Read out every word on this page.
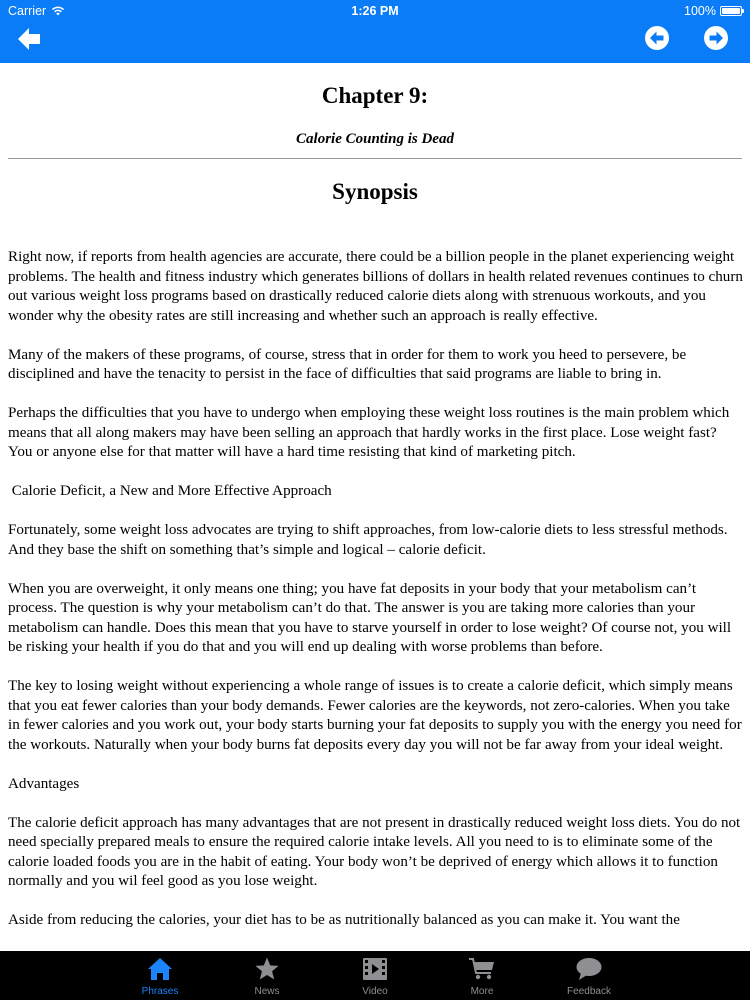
Carrier	1:26 PM	100%
Chapter 9:
Calorie Counting is Dead
Synopsis

Right now, if reports from health agencies are accurate, there could be a billion people in the planet experiencing weight problems. The health and fitness industry which generates billions of dollars in health related revenues continues to churn out various weight loss programs based on drastically reduced calorie diets along with strenuous workouts, and you wonder why the obesity rates are still increasing and whether such an approach is really effective.

Many of the makers of these programs, of course, stress that in order for them to work you heed to persevere, be disciplined and have the tenacity to persist in the face of difficulties that said programs are liable to bring in.

Perhaps the difficulties that you have to undergo when employing these weight loss routines is the main problem which means that all along makers may have been selling an approach that hardly works in the first place. Lose weight fast? You or anyone else for that matter will have a hard time resisting that kind of marketing pitch.

Calorie Deficit, a New and More Effective Approach

Fortunately, some weight loss advocates are trying to shift approaches, from low-calorie diets to less stressful methods. And they base the shift on something that’s simple and logical – calorie deficit.

When you are overweight, it only means one thing; you have fat deposits in your body that your metabolism can’t process. The question is why your metabolism can’t do that. The answer is you are taking more calories than your metabolism can handle. Does this mean that you have to starve yourself in order to lose weight? Of course not, you will be risking your health if you do that and you will end up dealing with worse problems than before.

The key to losing weight without experiencing a whole range of issues is to create a calorie deficit, which simply means that you eat fewer calories than your body demands. Fewer calories are the keywords, not zero-calories. When you take in fewer calories and you work out, your body starts burning your fat deposits to supply you with the energy you need for the workouts. Naturally when your body burns fat deposits every day you will not be far away from your ideal weight.

Advantages

The calorie deficit approach has many advantages that are not present in drastically reduced weight loss diets. You do not need specially prepared meals to ensure the required calorie intake levels. All you need to is to eliminate some of the calorie loaded foods you are in the habit of eating. Your body won’t be deprived of energy which allows it to function normally and you wil feel good as you lose weight.

Aside from reducing the calories, your diet has to be as nutritionally balanced as you can make it. You want the

Phrases	News	Video	More	Feedback
